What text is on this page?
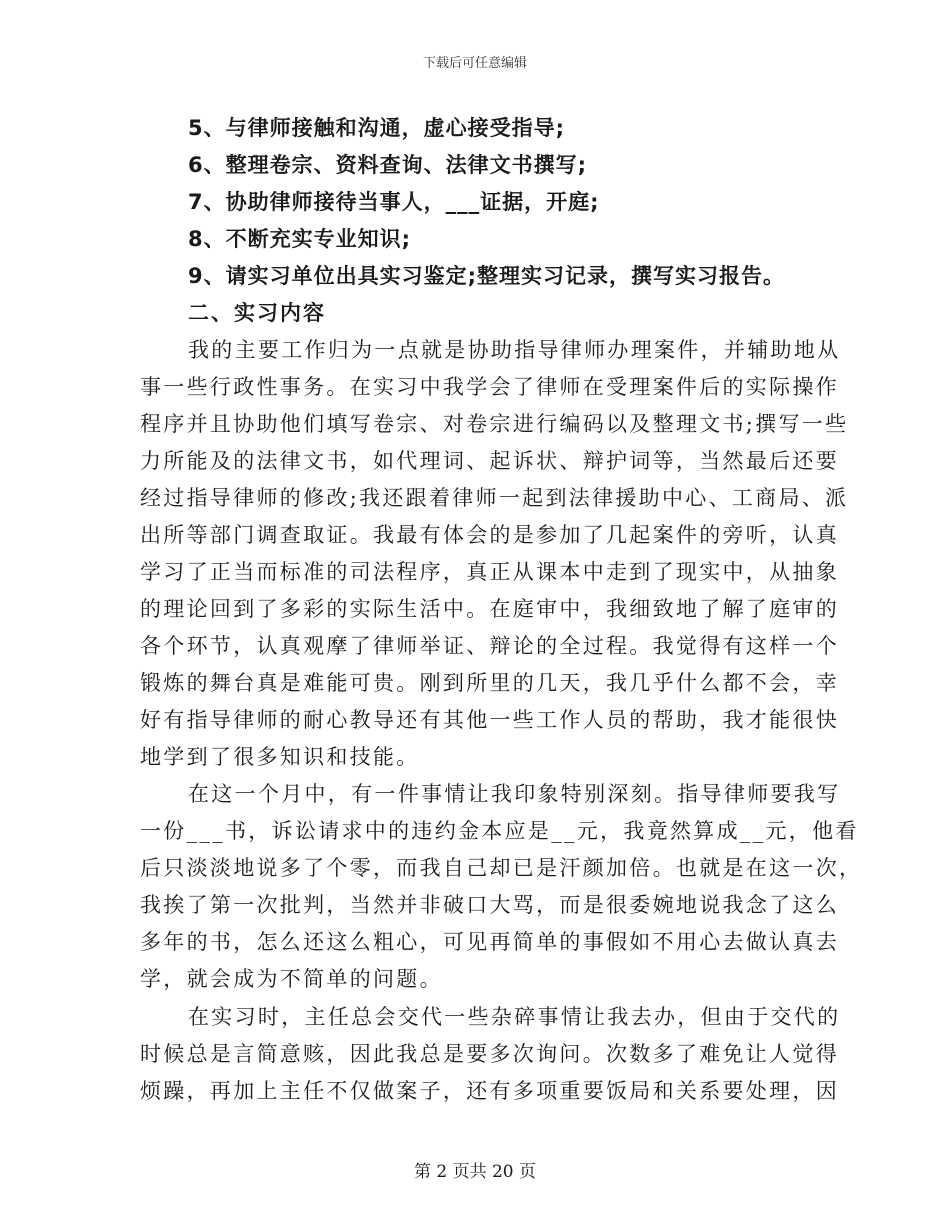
下载后可任意编辑
5、与律师接触和沟通，虚心接受指导;
6、整理卷宗、资料查询、法律文书撰写;
7、协助律师接待当事人，___证据，开庭;
8、不断充实专业知识;
9、请实习单位出具实习鉴定;整理实习记录，撰写实习报告。
二、实习内容
我的主要工作归为一点就是协助指导律师办理案件，并辅助地从
事一些行政性事务。在实习中我学会了律师在受理案件后的实际操作
程序并且协助他们填写卷宗、对卷宗进行编码以及整理文书;撰写一些
力所能及的法律文书，如代理词、起诉状、辩护词等，当然最后还要
经过指导律师的修改;我还跟着律师一起到法律援助中心、工商局、派
出所等部门调查取证。我最有体会的是参加了几起案件的旁听，认真
学习了正当而标准的司法程序，真正从课本中走到了现实中，从抽象
的理论回到了多彩的实际生活中。在庭审中，我细致地了解了庭审的
各个环节，认真观摩了律师举证、辩论的全过程。我觉得有这样一个
锻炼的舞台真是难能可贵。刚到所里的几天，我几乎什么都不会，幸
好有指导律师的耐心教导还有其他一些工作人员的帮助，我才能很快
地学到了很多知识和技能。
在这一个月中，有一件事情让我印象特别深刻。指导律师要我写
一份___书，诉讼请求中的违约金本应是__元，我竟然算成__元，他看
后只淡淡地说多了个零，而我自己却已是汗颜加倍。也就是在这一次，
我挨了第一次批判，当然并非破口大骂，而是很委婉地说我念了这么
多年的书，怎么还这么粗心，可见再简单的事假如不用心去做认真去
学，就会成为不简单的问题。
在实习时，主任总会交代一些杂碎事情让我去办，但由于交代的
时候总是言简意赅，因此我总是要多次询问。次数多了难免让人觉得
烦躁，再加上主任不仅做案子，还有多项重要饭局和关系要处理，因
第 2 页共 20 页
